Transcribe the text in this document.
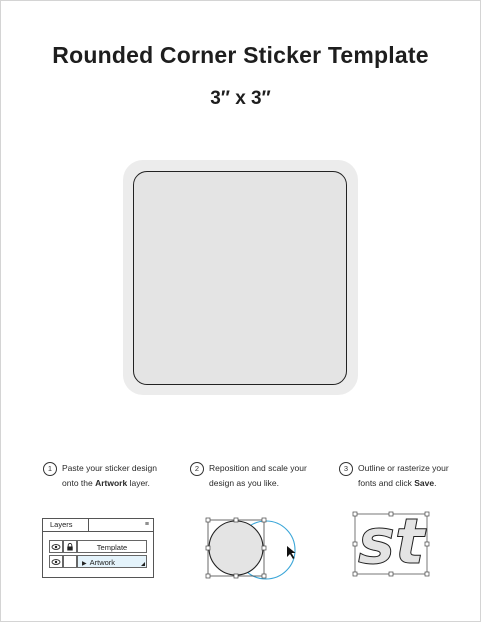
Rounded Corner Sticker Template
3″ x 3″
1	Paste your sticker design
onto the Artwork layer.
2	Reposition and scale your
design as you like.
3	Outline or rasterize your
fonts and click Save.
Layers	≡
Template
▶ Artwork	st
